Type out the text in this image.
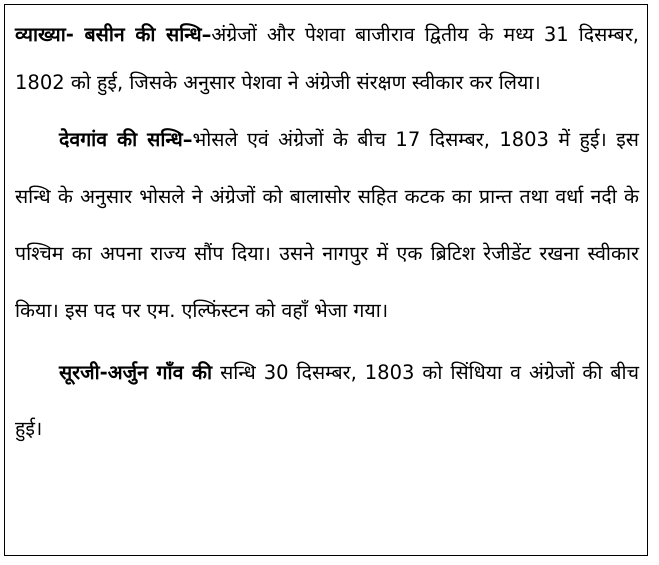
व्याख्या- बसीन की सन्धि–अंग्रेजों और पेशवा बाजीराव द्वितीय के मध्य 31 दिसम्बर, 1802 को हुई, जिसके अनुसार पेशवा ने अंग्रेजी संरक्षण स्वीकार कर लिया।

देवगांव की सन्धि–भोसले एवं अंग्रेजों के बीच 17 दिसम्बर, 1803 में हुई। इस सन्धि के अनुसार भोसले ने अंग्रेजों को बालासोर सहित कटक का प्रान्त तथा वर्धा नदी के पश्चिम का अपना राज्य सौंप दिया। उसने नागपुर में एक ब्रिटिश रेजीडेंट रखना स्वीकार किया। इस पद पर एम. एल्फिंस्टन को वहाँ भेजा गया।

सूरजी-अर्जुन गाँव की सन्धि 30 दिसम्बर, 1803 को सिंधिया व अंग्रेजों की बीच हुई।
